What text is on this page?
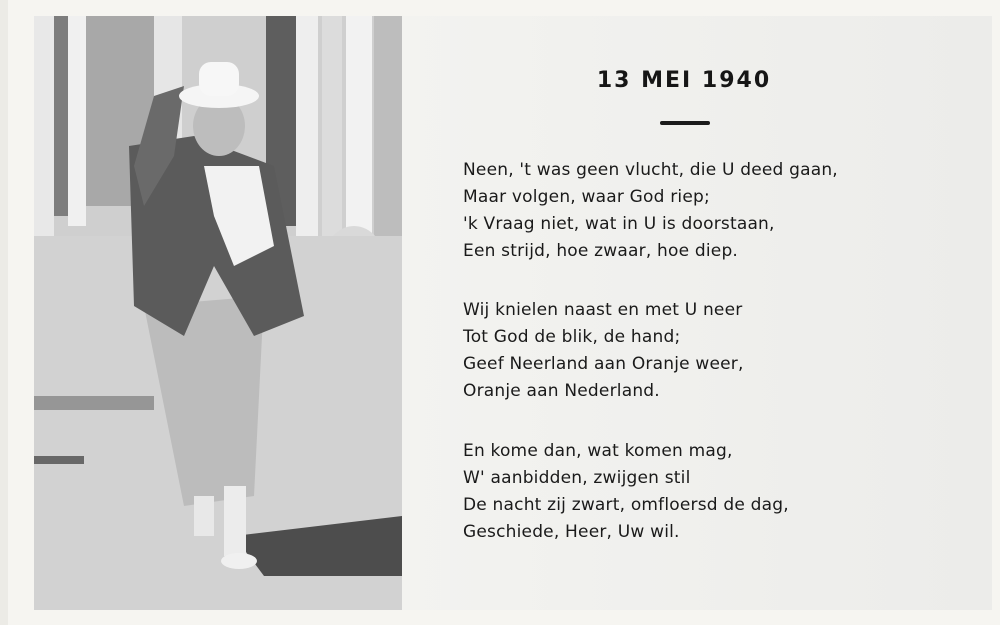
13 MEI 1940
Neen, 't was geen vlucht, die U deed gaan,
Maar volgen, waar God riep;
'k Vraag niet, wat in U is doorstaan,
Een strijd, hoe zwaar, hoe diep.
Wij knielen naast en met U neer
Tot God de blik, de hand;
Geef Neerland aan Oranje weer,
Oranje aan Nederland.
En kome dan, wat komen mag,
W' aanbidden, zwijgen stil
De nacht zij zwart, omfloersd de dag,
Geschiede, Heer, Uw wil.
